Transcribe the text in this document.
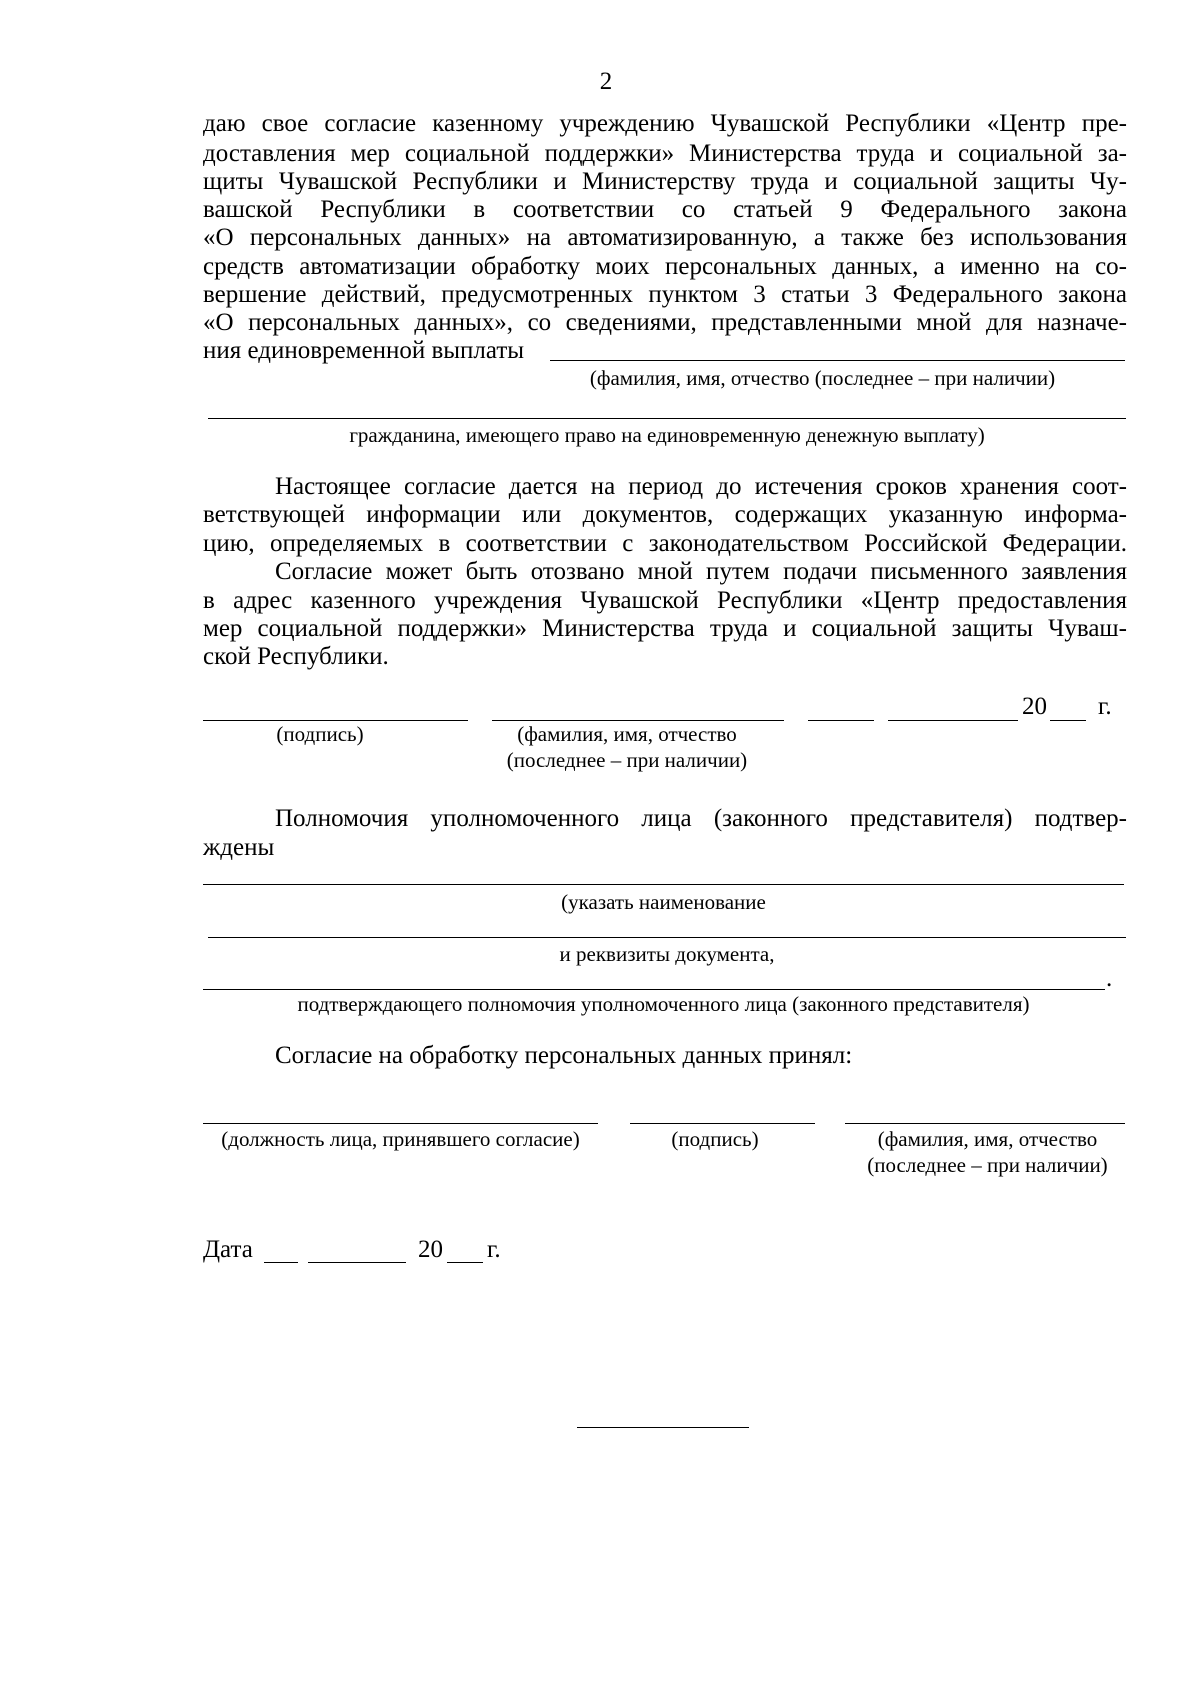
2
даю свое согласие казенному учреждению Чувашской Республики «Центр пре-
доставления мер социальной поддержки» Министерства труда и социальной за-
щиты Чувашской Республики и Министерству труда и социальной защиты Чу-
вашской Республики в соответствии со статьей 9 Федерального закона
«О персональных данных» на автоматизированную, а также без использования
средств автоматизации обработку моих персональных данных, а именно на со-
вершение действий, предусмотренных пунктом 3 статьи 3 Федерального закона
«О персональных данных», со сведениями, представленными мной для назначе-
ния единовременной выплаты
(фамилия, имя, отчество (последнее – при наличии)
гражданина, имеющего право на единовременную денежную выплату)
Настоящее согласие дается на период до истечения сроков хранения соот-
ветствующей информации или документов, содержащих указанную информа-
цию, определяемых в соответствии с законодательством Российской Федерации.
Согласие может быть отозвано мной путем подачи письменного заявления
в адрес казенного учреждения Чувашской Республики «Центр предоставления
мер социальной поддержки» Министерства труда и социальной защиты Чуваш-
ской Республики.
20 г.
(подпись)	(фамилия, имя, отчество
(последнее – при наличии)
Полномочия уполномоченного лица (законного представителя) подтвер-
ждены
(указать наименование
и реквизиты документа,
.
подтверждающего полномочия уполномоченного лица (законного представителя)
Согласие на обработку персональных данных принял:
(должность лица, принявшего согласие)	(подпись)	(фамилия, имя, отчество
(последнее – при наличии)
Дата	20 г.
